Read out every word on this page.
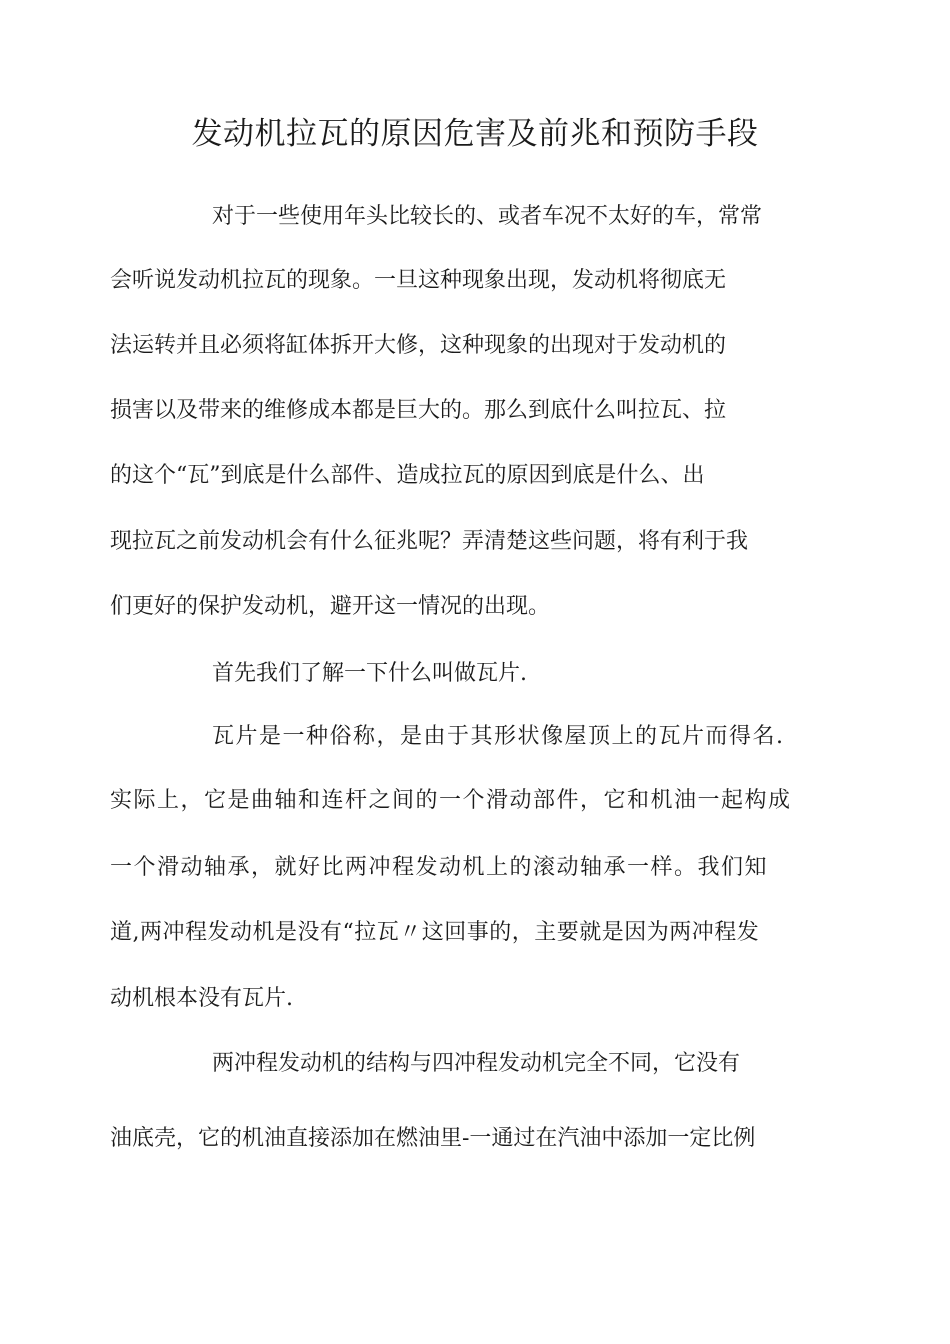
发动机拉瓦的原因危害及前兆和预防手段
对于一些使用年头比较长的、或者车况不太好的车，常常
会听说发动机拉瓦的现象。一旦这种现象出现，发动机将彻底无
法运转并且必须将缸体拆开大修，这种现象的出现对于发动机的
损害以及带来的维修成本都是巨大的。那么到底什么叫拉瓦、拉
的这个“瓦”到底是什么部件、造成拉瓦的原因到底是什么、出
现拉瓦之前发动机会有什么征兆呢？弄清楚这些问题，将有利于我
们更好的保护发动机，避开这一情况的出现。
首先我们了解一下什么叫做瓦片.
瓦片是一种俗称，是由于其形状像屋顶上的瓦片而得名.
实际上，它是曲轴和连杆之间的一个滑动部件，它和机油一起构成
一个滑动轴承，就好比两冲程发动机上的滚动轴承一样。我们知
道,两冲程发动机是没有“拉瓦〃这回事的，主要就是因为两冲程发
动机根本没有瓦片.
两冲程发动机的结构与四冲程发动机完全不同，它没有
油底壳，它的机油直接添加在燃油里-一通过在汽油中添加一定比例
